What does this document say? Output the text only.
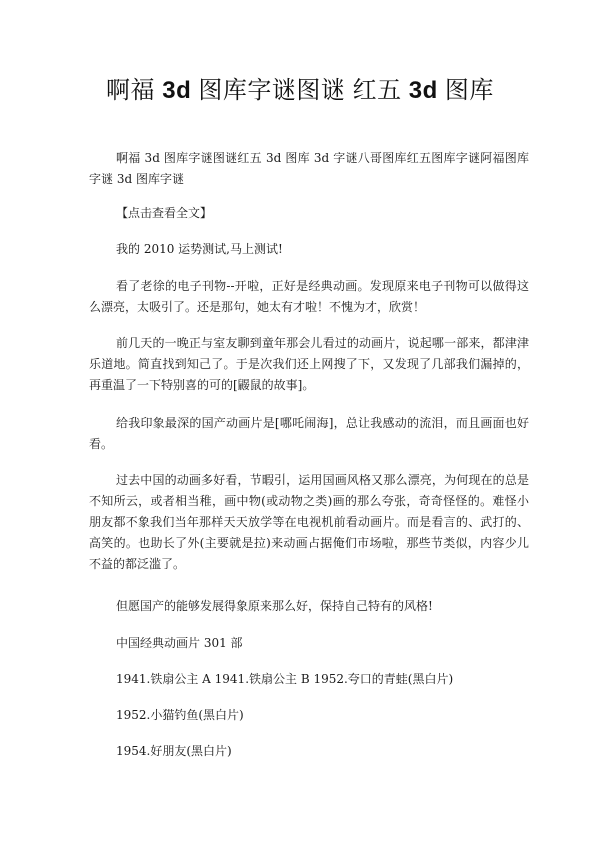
啊福 3d 图库字谜图谜 红五 3d 图库

啊福 3d 图库字谜图谜红五 3d 图库 3d 字谜八哥图库红五图库字谜阿福图库字谜 3d 图库字谜

【点击查看全文】

我的 2010 运势测试,马上测试!

看了老徐的电子刊物--开啦，正好是经典动画。发现原来电子刊物可以做得这么漂亮，太吸引了。还是那句，她太有才啦！不愧为才，欣赏！

前几天的一晚正与室友聊到童年那会儿看过的动画片，说起哪一部来，都津津乐道地。简直找到知己了。于是次我们还上网搜了下，又发现了几部我们漏掉的，再重温了一下特别喜的可的[鼹鼠的故事]。

给我印象最深的国产动画片是[哪吒闹海]，总让我感动的流泪，而且画面也好看。

过去中国的动画多好看，节暇引，运用国画风格又那么漂亮，为何现在的总是不知所云，或者相当稚，画中物(或动物之类)画的那么夸张，奇奇怪怪的。难怪小朋友都不象我们当年那样天天放学等在电视机前看动画片。而是看言的、武打的、高笑的。也助长了外(主要就是拉)来动画占据俺们市场啦，那些节类似，内容少儿不益的都泛滥了。

但愿国产的能够发展得象原来那么好，保持自己特有的风格!

中国经典动画片 301 部

1941.铁扇公主 A 1941.铁扇公主 B 1952.夸口的青蛙(黑白片)

1952.小猫钓鱼(黑白片)

1954.好朋友(黑白片)
